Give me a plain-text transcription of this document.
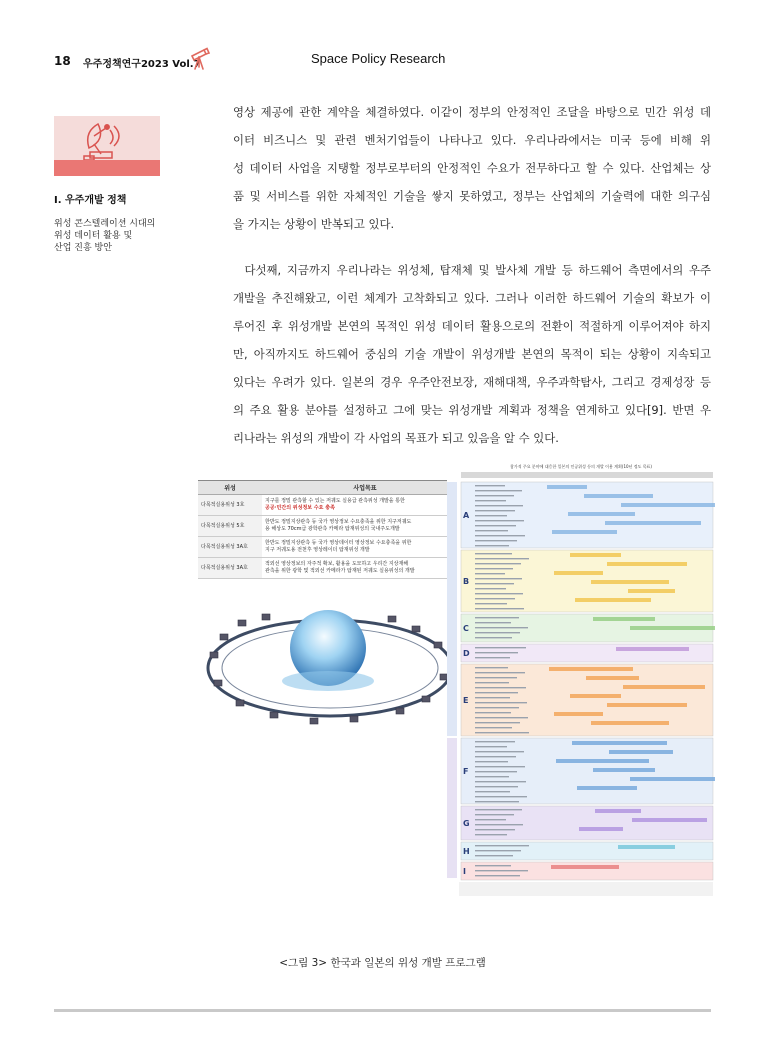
18 우주정책연구2023 Vol.7	Space Policy Research
I. 우주개발 정책
위성 콘스텔레이션 시대의
위성 데이터 활용 및
산업 진흥 방안
영상 제공에 관한 계약을 체결하였다. 이같이 정부의 안정적인 조달을 바탕으로 민간 위성 데
이터 비즈니스 및 관련 벤처기업들이 나타나고 있다. 우리나라에서는 미국 등에 비해 위
성 데이터 사업을 지탱할 정부로부터의 안정적인 수요가 전무하다고 할 수 있다. 산업체는 상
품 및 서비스를 위한 자체적인 기술을 쌓지 못하였고, 정부는 산업체의 기술력에 대한 의구심
을 가지는 상황이 반복되고 있다.
다섯째, 지금까지 우리나라는 위성체, 탑재체 및 발사체 개발 등 하드웨어 측면에서의 우주
개발을 추진해왔고, 이런 체계가 고착화되고 있다. 그러나 이러한 하드웨어 기술의 확보가 이
루어진 후 위성개발 본연의 목적인 위성 데이터 활용으로의 전환이 적절하게 이루어져야 하지
만, 아직까지도 하드웨어 중심의 기술 개발이 위성개발 본연의 목적이 되는 상황이 지속되고
있다는 우려가 있다. 일본의 경우 우주안전보장, 재해대책, 우주과학탐사, 그리고 경제성장 등
의 주요 활용 분야를 설정하고 그에 맞는 위성개발 계획과 정책을 연계하고 있다[9]. 반면 우
리나라는 위성의 개발이 각 사업의 목표가 되고 있음을 알 수 있다.
위성	사업목표
다목적실용위성 3호	지구를 정밀 관측할 수 있는 저궤도 실용급 관측위성 개발을 통한
공공·민간의 위성정보 수요 충족

다목적실용위성 5호	한반도 정밀지상관측 등 국가 영상정보 수요충족을 위한 지구저궤도
용 해상도 70cm급 광학관측 카메라 탑재위성의 국내주도개발

다목적실용위성 3A호	한반도 정밀지상관측 등 국가 영상데이터 영상정보 수요충족을 위한
지구 저궤도용 전천후 영상레이더 탑재위성 개발

다목적실용위성 3A호	적외선 영상정보의 자주적 확보, 활용을 도모하고 우리간 지상재해
관측을 위한 광학 및 적외선 카메라가 탑재된 저궤도 실용위성의 개발
참가적 주요 분야에 대응한 일본의 인공위성 등의 개발 이용 계획(10년 정도 목표)
A
B
C
D
E
F
G
H
I
<그림 3> 한국과 일본의 위성 개발 프로그램
